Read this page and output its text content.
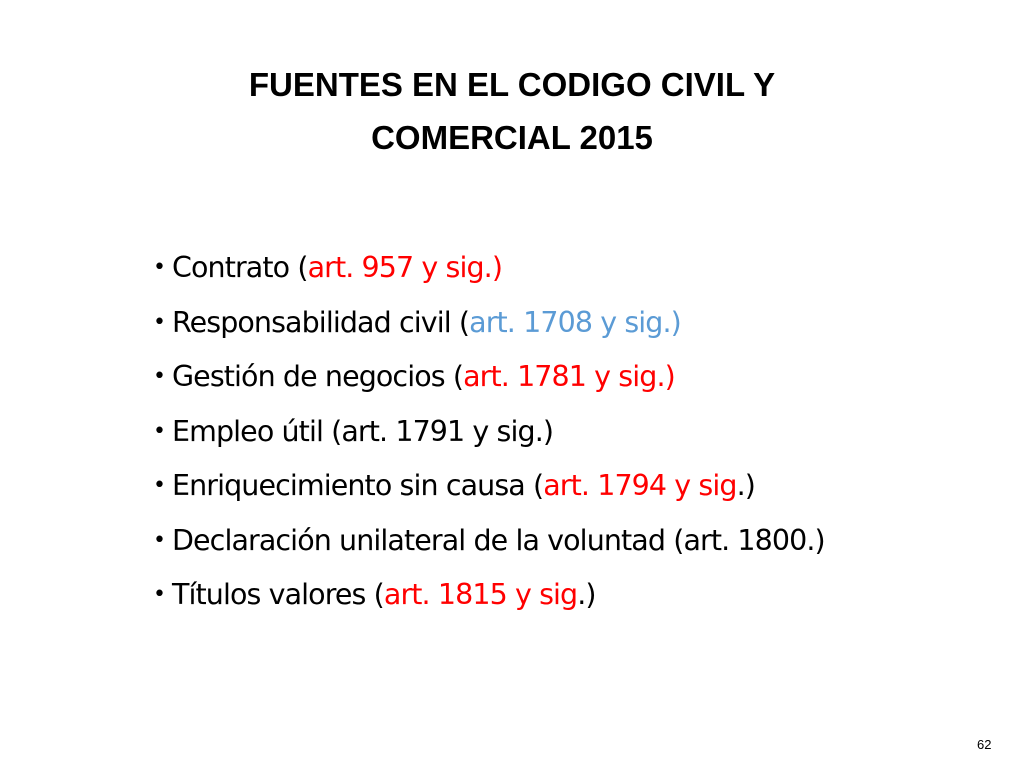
FUENTES EN EL CODIGO CIVIL Y
COMERCIAL 2015
• Contrato (art. 957 y sig.)
• Responsabilidad civil (art. 1708 y sig.)
• Gestión de negocios (art. 1781 y sig.)
• Empleo útil (art. 1791 y sig.)
• Enriquecimiento sin causa (art. 1794 y sig.)
• Declaración unilateral de la voluntad (art. 1800.)
• Títulos valores (art. 1815 y sig.)
62
